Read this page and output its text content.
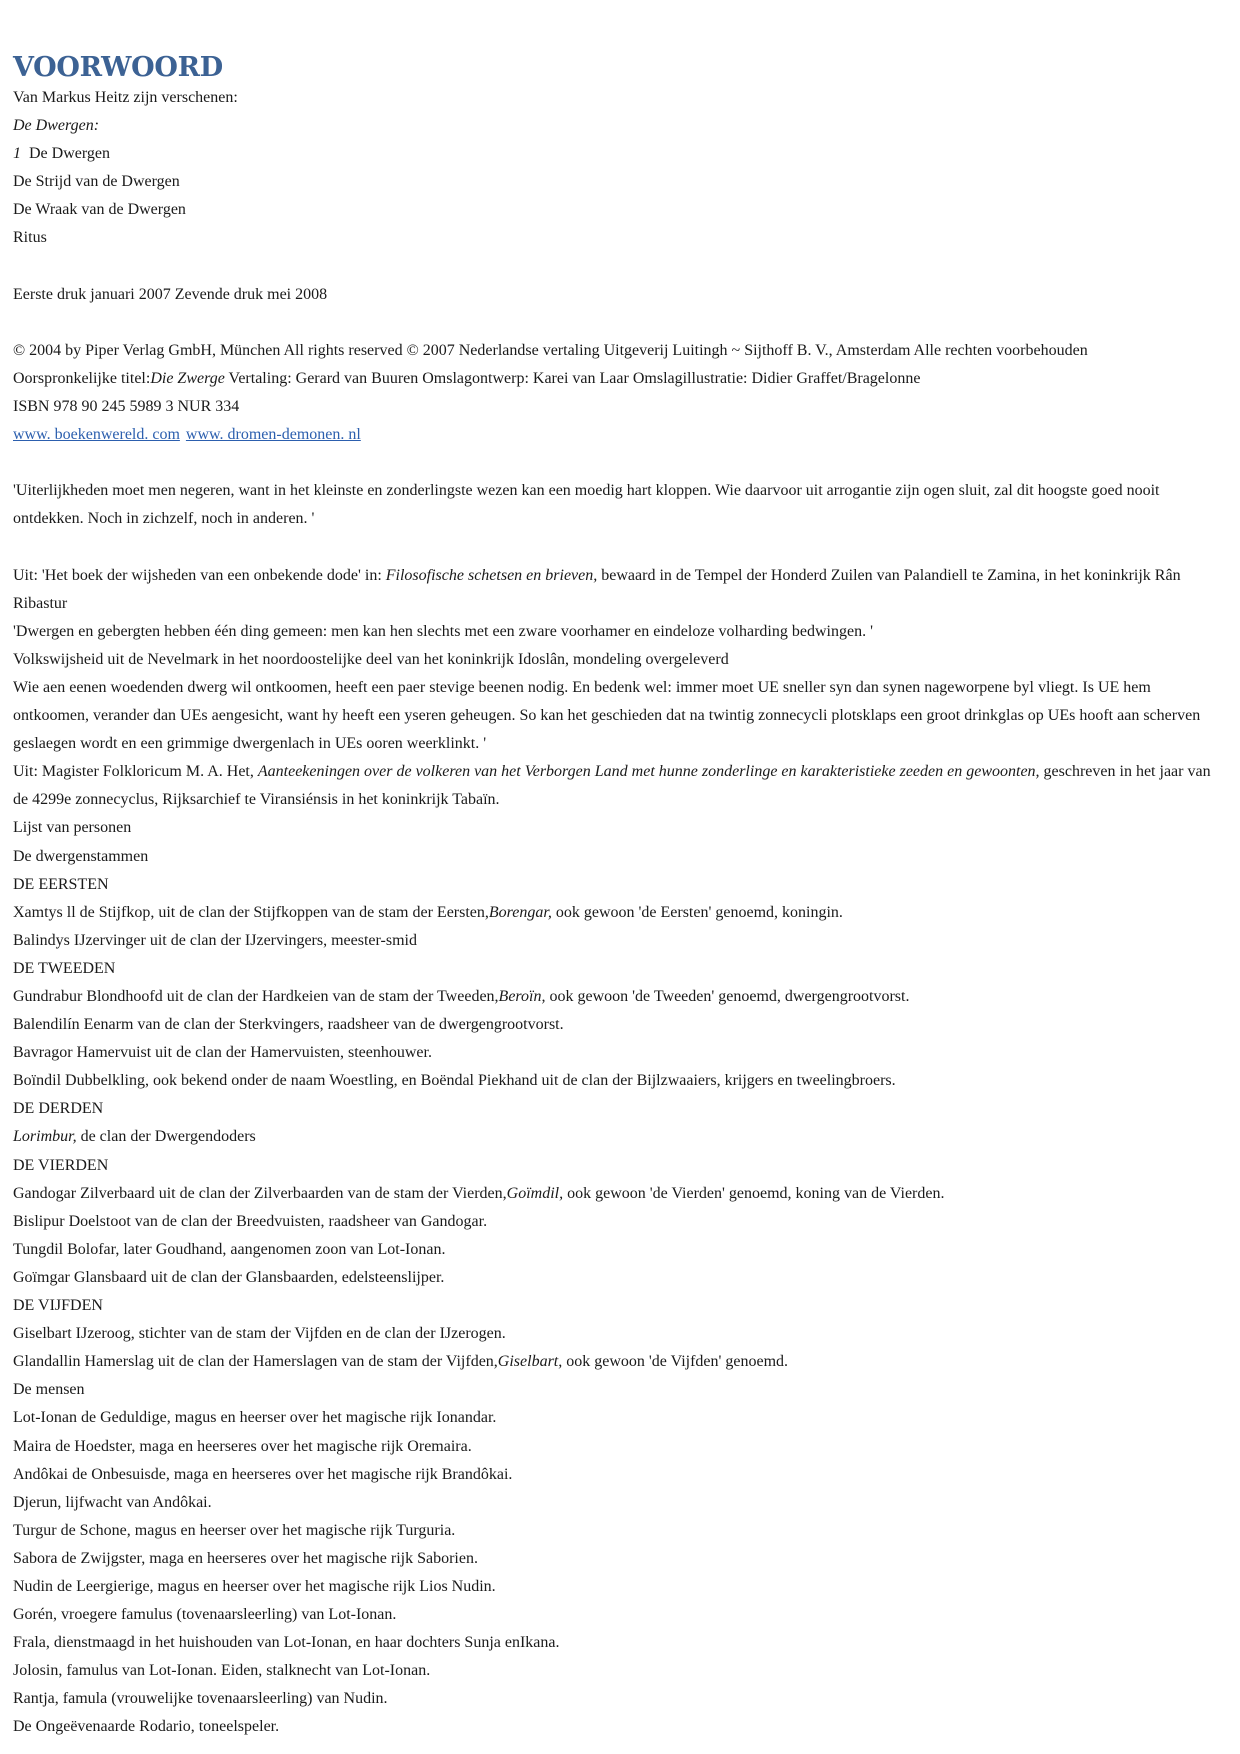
VOORWOORD

Van Markus Heitz zijn verschenen:

De Dwergen:

1 De Dwergen

De Strijd van de Dwergen

De Wraak van de Dwergen

Ritus

Eerste druk januari 2007 Zevende druk mei 2008

© 2004 by Piper Verlag GmbH, München All rights reserved © 2007 Nederlandse vertaling Uitgeverij Luitingh ~ Sijthoff B. V., Amsterdam Alle rechten voorbehouden

Oorspronkelijke titel:Die Zwerge Vertaling: Gerard van Buuren Omslagontwerp: Karei van Laar Omslagillustratie: Didier Graffet/Bragelonne

ISBN 978 90 245 5989 3 NUR 334

www. boekenwereld. com www. dromen-demonen. nl

'Uiterlijkheden moet men negeren, want in het kleinste en zonderlingste wezen kan een moedig hart kloppen. Wie daarvoor uit arrogantie zijn ogen sluit, zal dit hoogste goed nooit ontdekken. Noch in zichzelf, noch in anderen. '

Uit: 'Het boek der wijsheden van een onbekende dode' in: Filosofische schetsen en brieven, bewaard in de Tempel der Honderd Zuilen van Palandiell te Zamina, in het koninkrijk Rân Ribastur

'Dwergen en gebergten hebben één ding gemeen: men kan hen slechts met een zware voorhamer en eindeloze volharding bedwingen. '

Volkswijsheid uit de Nevelmark in het noordoostelijke deel van het koninkrijk Idoslân, mondeling overgeleverd

Wie aen eenen woedenden dwerg wil ontkoomen, heeft een paer stevige beenen nodig. En bedenk wel: immer moet UE sneller syn dan synen nageworpene byl vliegt. Is UE hem ontkoomen, verander dan UEs aengesicht, want hy heeft een yseren geheugen. So kan het geschieden dat na twintig zonnecycli plotsklaps een groot drinkglas op UEs hooft aan scherven geslaegen wordt en een grimmige dwergenlach in UEs ooren weerklinkt. '

Uit: Magister Folkloricum M. A. Het, Aanteekeningen over de volkeren van het Verborgen Land met hunne zonderlinge en karakteristieke zeeden en gewoonten, geschreven in het jaar van de 4299e zonnecyclus, Rijksarchief te Viransiénsis in het koninkrijk Tabaïn.

Lijst van personen

De dwergenstammen

DE EERSTEN

Xamtys ll de Stijfkop, uit de clan der Stijfkoppen van de stam der Eersten,Borengar, ook gewoon 'de Eersten' genoemd, koningin.

Balindys IJzervinger uit de clan der IJzervingers, meester-smid

DE TWEEDEN

Gundrabur Blondhoofd uit de clan der Hardkeien van de stam der Tweeden,Beroïn, ook gewoon 'de Tweeden' genoemd, dwergengrootvorst.

Balendilín Eenarm van de clan der Sterkvingers, raadsheer van de dwergengrootvorst.

Bavragor Hamervuist uit de clan der Hamervuisten, steenhouwer.

Boïndil Dubbelkling, ook bekend onder de naam Woestling, en Boëndal Piekhand uit de clan der Bijlzwaaiers, krijgers en tweelingbroers.

DE DERDEN

Lorimbur, de clan der Dwergendoders

DE VIERDEN

Gandogar Zilverbaard uit de clan der Zilverbaarden van de stam der Vierden,Goïmdil, ook gewoon 'de Vierden' genoemd, koning van de Vierden.

Bislipur Doelstoot van de clan der Breedvuisten, raadsheer van Gandogar.

Tungdil Bolofar, later Goudhand, aangenomen zoon van Lot-Ionan.

Goïmgar Glansbaard uit de clan der Glansbaarden, edelsteenslijper.

DE VIJFDEN

Giselbart IJzeroog, stichter van de stam der Vijfden en de clan der IJzerogen.

Glandallin Hamerslag uit de clan der Hamerslagen van de stam der Vijfden,Giselbart, ook gewoon 'de Vijfden' genoemd.

De mensen

Lot-Ionan de Geduldige, magus en heerser over het magische rijk Ionandar.

Maira de Hoedster, maga en heerseres over het magische rijk Oremaira.

Andôkai de Onbesuisde, maga en heerseres over het magische rijk Brandôkai.

Djerun, lijfwacht van Andôkai.

Turgur de Schone, magus en heerser over het magische rijk Turguria.

Sabora de Zwijgster, maga en heerseres over het magische rijk Saborien.

Nudin de Leergierige, magus en heerser over het magische rijk Lios Nudin.

Gorén, vroegere famulus (tovenaarsleerling) van Lot-Ionan.

Frala, dienstmaagd in het huishouden van Lot-Ionan, en haar dochters Sunja enIkana.

Jolosin, famulus van Lot-Ionan. Eiden, stalknecht van Lot-Ionan.

Rantja, famula (vrouwelijke tovenaarsleerling) van Nudin.

De Ongeëvenaarde Rodario, toneelspeler.
